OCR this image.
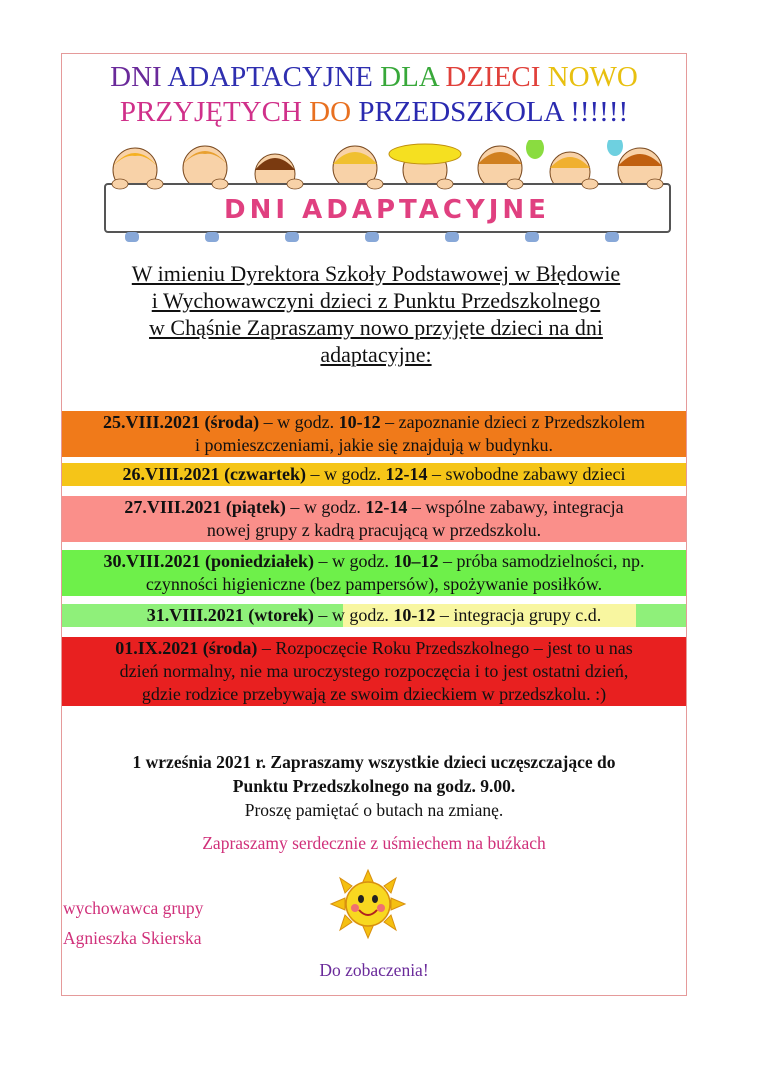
DNI ADAPTACYJNE DLA DZIECI NOWO
PRZYJĘTYCH DO PRZEDSZKOLA !!!!!!
DNI ADAPTACYJNE
W imieniu Dyrektora Szkoły Podstawowej w Błędowie
i Wychowawczyni dzieci z Punktu Przedszkolnego
w Chąśnie Zapraszamy nowo przyjęte dzieci na dni
adaptacyjne:
25.VIII.2021 (środa) – w godz. 10-12 – zapoznanie dzieci z Przedszkolem
i pomieszczeniami, jakie się znajdują w budynku.
26.VIII.2021 (czwartek) – w godz. 12-14 – swobodne zabawy dzieci
27.VIII.2021 (piątek) – w godz. 12-14 – wspólne zabawy, integracja
nowej grupy z kadrą pracującą w przedszkolu.
30.VIII.2021 (poniedziałek) – w godz. 10–12 – próba samodzielności, np.
czynności higieniczne (bez pampersów), spożywanie posiłków.
31.VIII.2021 (wtorek) – w godz. 10-12 – integracja grupy c.d.
01.IX.2021 (środa) – Rozpoczęcie Roku Przedszkolnego – jest to u nas
dzień normalny, nie ma uroczystego rozpoczęcia i to jest ostatni dzień,
gdzie rodzice przebywają ze swoim dzieckiem w przedszkolu. :)
1 września 2021 r. Zapraszamy wszystkie dzieci uczęszczające do
Punktu Przedszkolnego na godz. 9.00.
Proszę pamiętać o butach na zmianę.
Zapraszamy serdecznie z uśmiechem na buźkach
wychowawca grupy
Agnieszka Skierska
Do zobaczenia!
